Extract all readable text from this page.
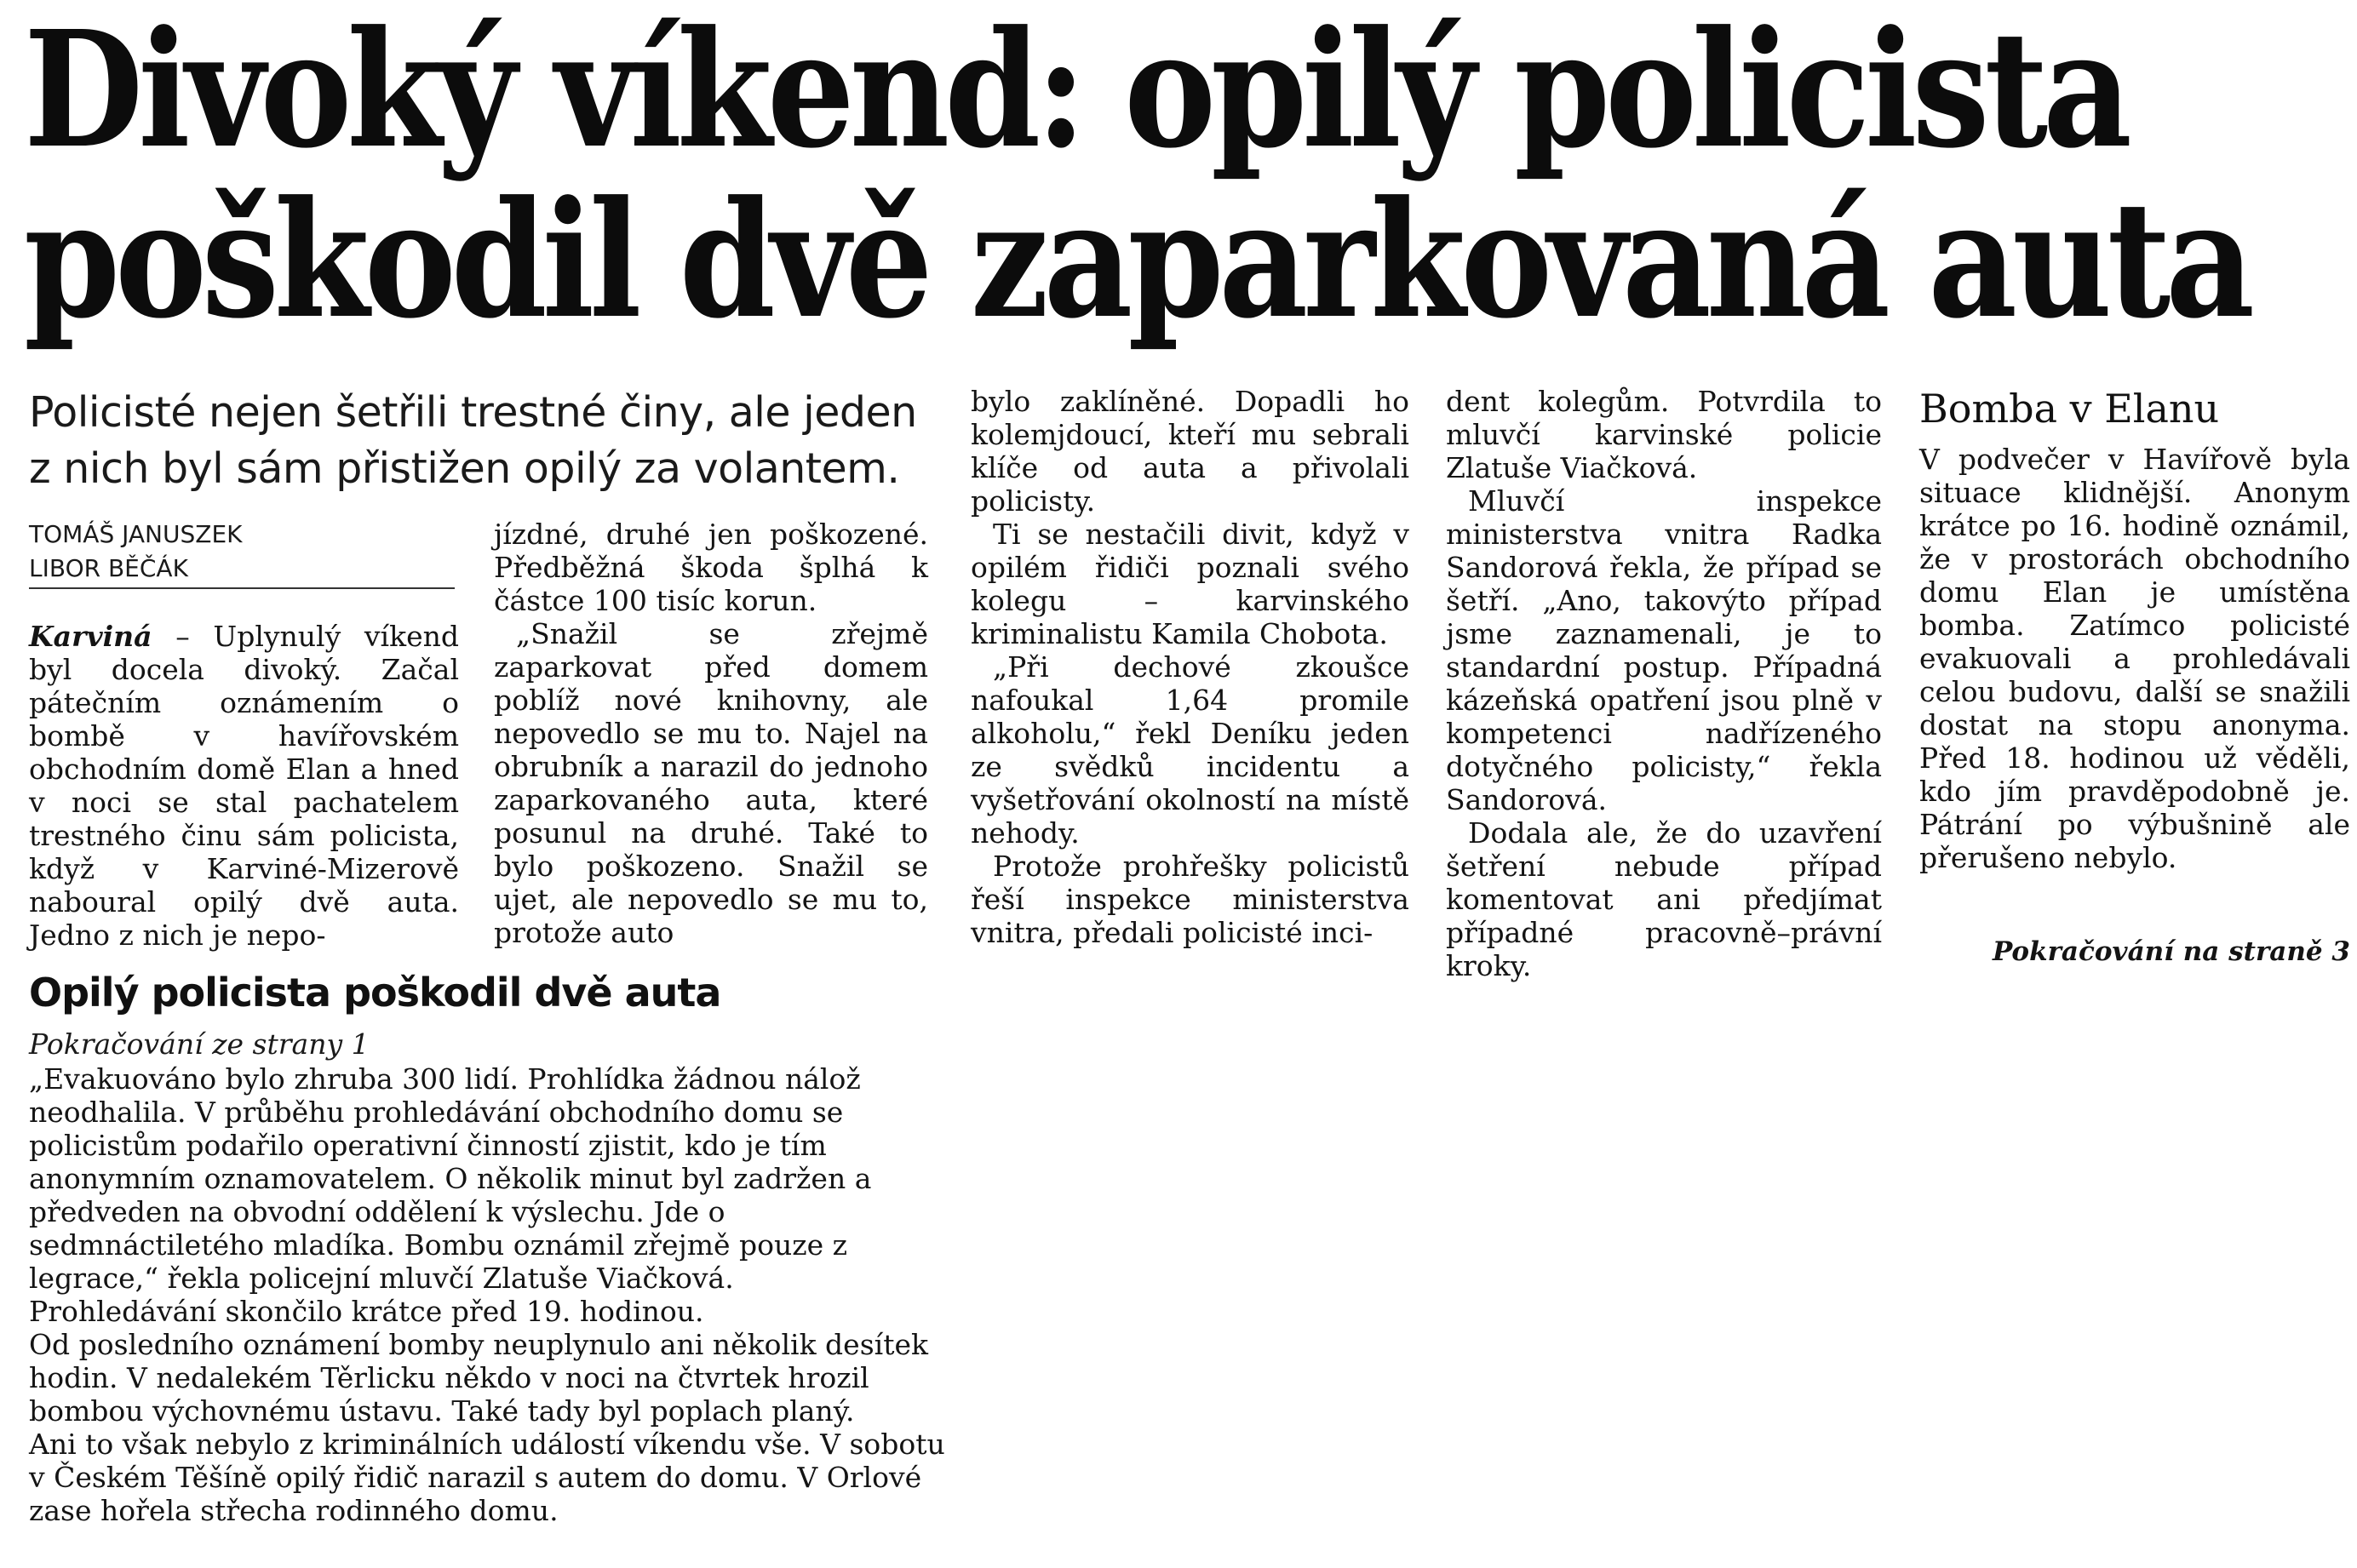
Divoký víkend: opilý policista
poškodil dvě zaparkovaná auta
Policisté nejen šetřili trestné činy, ale jeden
z nich byl sám přistižen opilý za volantem.
TOMÁŠ JANUSZEK
LIBOR BĚČÁK

Karviná – Uplynulý víkend byl docela divoký. Začal pátečním oznámením o bombě v havířovském obchodním domě Elan a hned v noci se stal pachatelem trestného činu sám policista, když v Karviné-Mizerově naboural opilý dvě auta. Jedno z nich je nepo-

jízdné, druhé jen poškozené. Předběžná škoda šplhá k částce 100 tisíc korun.

„Snažil se zřejmě zaparkovat před domem poblíž nové knihovny, ale nepovedlo se mu to. Najel na obrubník a narazil do jednoho zaparkovaného auta, které posunul na druhé. Také to bylo poškozeno. Snažil se ujet, ale nepovedlo se mu to, protože auto

bylo zaklíněné. Dopadli ho kolemjdoucí, kteří mu sebrali klíče od auta a přivolali policisty.

Ti se nestačili divit, když v opilém řidiči poznali svého kolegu – karvinského kriminalistu Kamila Chobota.

„Při dechové zkoušce nafoukal 1,64 promile alkoholu,“ řekl Deníku jeden ze svědků incidentu a vyšetřování okolností na místě nehody.

Protože prohřešky policistů řeší inspekce ministerstva vnitra, předali policisté inci-

dent kolegům. Potvrdila to mluvčí karvinské policie Zlatuše Viačková.

Mluvčí inspekce ministerstva vnitra Radka Sandorová řekla, že případ se šetří. „Ano, takovýto případ jsme zaznamenali, je to standardní postup. Případná kázeňská opatření jsou plně v kompetenci nadřízeného dotyčného policisty,“ řekla Sandorová.

Dodala ale, že do uzavření šetření nebude případ komentovat ani předjímat případné pracovně–právní kroky.

Bomba v Elanu

V podvečer v Havířově byla situace klidnější. Anonym krátce po 16. hodině oznámil, že v prostorách obchodního domu Elan je umístěna bomba. Zatímco policisté evakuovali a prohledávali celou budovu, další se snažili dostat na stopu anonyma. Před 18. hodinou už věděli, kdo jím pravděpodobně je. Pátrání po výbušnině ale přerušeno nebylo.

Pokračování na straně 3
Opilý policista poškodil dvě auta
Pokračování ze strany 1

„Evakuováno bylo zhruba 300 lidí. Prohlídka žádnou nálož neodhalila. V průběhu prohledávání obchodního domu se policistům podařilo operativní činností zjistit, kdo je tím anonymním oznamovatelem. O několik minut byl zadržen a předveden na obvodní oddělení k výslechu. Jde o sedmnáctiletého mladíka. Bombu oznámil zřejmě pouze z legrace,“ řekla policejní mluvčí Zlatuše Viačková.

Prohledávání skončilo krátce před 19. hodinou.

Od posledního oznámení bomby neuplynulo ani několik desítek hodin. V nedalekém Těrlicku někdo v noci na čtvrtek hrozil bombou výchovnému ústavu. Také tady byl poplach planý.

Ani to však nebylo z kriminálních událostí víkendu vše. V sobotu v Českém Těšíně opilý řidič narazil s autem do domu. V Orlové zase hořela střecha rodinného domu.
